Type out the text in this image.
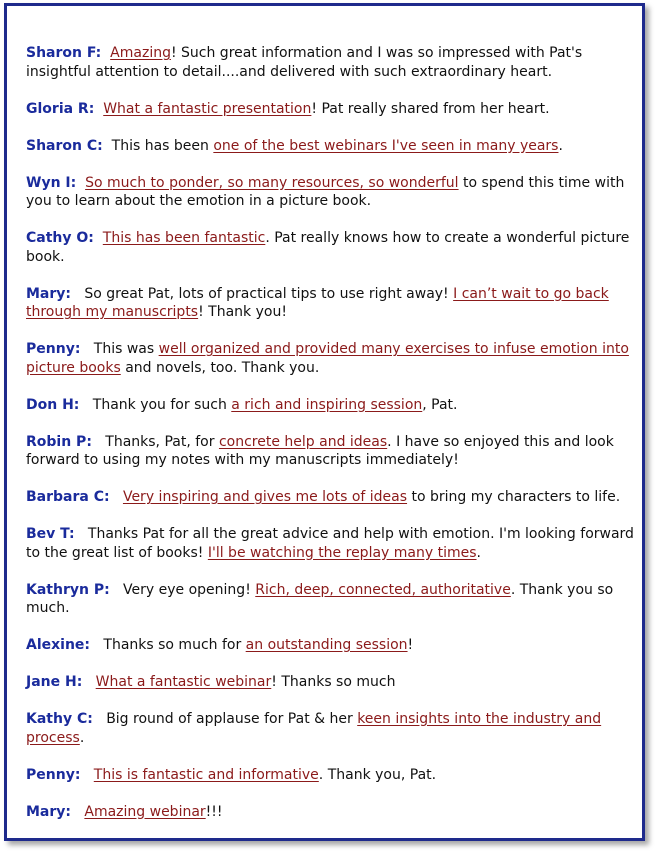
Sharon F: Amazing! Such great information and I was so impressed with Pat's insightful attention to detail....and delivered with such extraordinary heart.
Gloria R: What a fantastic presentation! Pat really shared from her heart.
Sharon C: This has been one of the best webinars I've seen in many years.
Wyn I: So much to ponder, so many resources, so wonderful to spend this time with you to learn about the emotion in a picture book.
Cathy O: This has been fantastic. Pat really knows how to create a wonderful picture book.
Mary: So great Pat, lots of practical tips to use right away! I can’t wait to go back through my manuscripts! Thank you!
Penny: This was well organized and provided many exercises to infuse emotion into picture books and novels, too. Thank you.
Don H: Thank you for such a rich and inspiring session, Pat.
Robin P: Thanks, Pat, for concrete help and ideas. I have so enjoyed this and look forward to using my notes with my manuscripts immediately!
Barbara C: Very inspiring and gives me lots of ideas to bring my characters to life.
Bev T: Thanks Pat for all the great advice and help with emotion. I'm looking forward to the great list of books! I'll be watching the replay many times.
Kathryn P: Very eye opening! Rich, deep, connected, authoritative. Thank you so much.
Alexine: Thanks so much for an outstanding session!
Jane H: What a fantastic webinar! Thanks so much
Kathy C: Big round of applause for Pat & her keen insights into the industry and process.
Penny: This is fantastic and informative. Thank you, Pat.
Mary: Amazing webinar!!!
